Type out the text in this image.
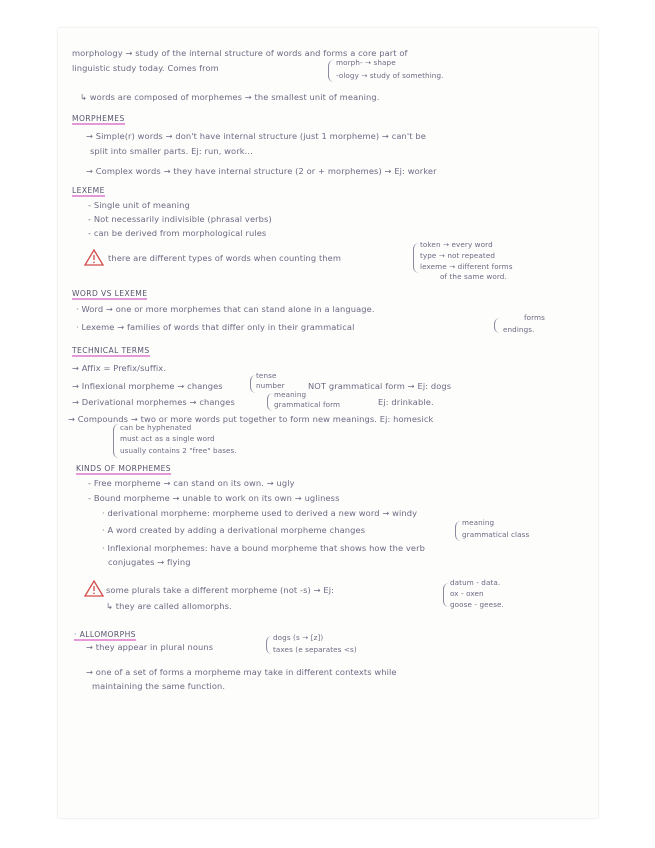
morphology → study of the internal structure of words and forms a core part of
linguistic study today. Comes from
morph- → shape
-ology → study of something.
↳ words are composed of morphemes → the smallest unit of meaning.
MORPHEMES
→ Simple(r) words → don't have internal structure (just 1 morpheme) → can't be
split into smaller parts. Ej: run, work...
→ Complex words → they have internal structure (2 or + morphemes) → Ej: worker
LEXEME
- Single unit of meaning
- Not necessarily indivisible (phrasal verbs)
- can be derived from morphological rules
there are different types of words when counting them
token → every word
type → not repeated
lexeme → different forms
of the same word.
WORD VS LEXEME
· Word → one or more morphemes that can stand alone in a language.
· Lexeme → families of words that differ only in their grammatical
forms
endings.
TECHNICAL TERMS
→ Affix = Prefix/suffix.
→ Inflexional morpheme → changes
tense
number	NOT grammatical form → Ej: dogs
→ Derivational morphemes → changes
meaning
grammatical form	Ej: drinkable.
→ Compounds → two or more words put together to form new meanings. Ej: homesick
can be hyphenated
must act as a single word
usually contains 2 "free" bases.
KINDS OF MORPHEMES
- Free morpheme → can stand on its own. → ugly
- Bound morpheme → unable to work on its own → ugliness
· derivational morpheme: morpheme used to derived a new word → windy
· A word created by adding a derivational morpheme changes
meaning
grammatical class
· Inflexional morphemes: have a bound morpheme that shows how the verb
conjugates → flying
some plurals take a different morpheme (not -s) → Ej:
datum - data.
ox - oxen
goose - geese.
↳ they are called allomorphs.
· ALLOMORPHS
→ they appear in plural nouns
dogs (s → [z])
taxes (e separates <s)
→ one of a set of forms a morpheme may take in different contexts while
maintaining the same function.
